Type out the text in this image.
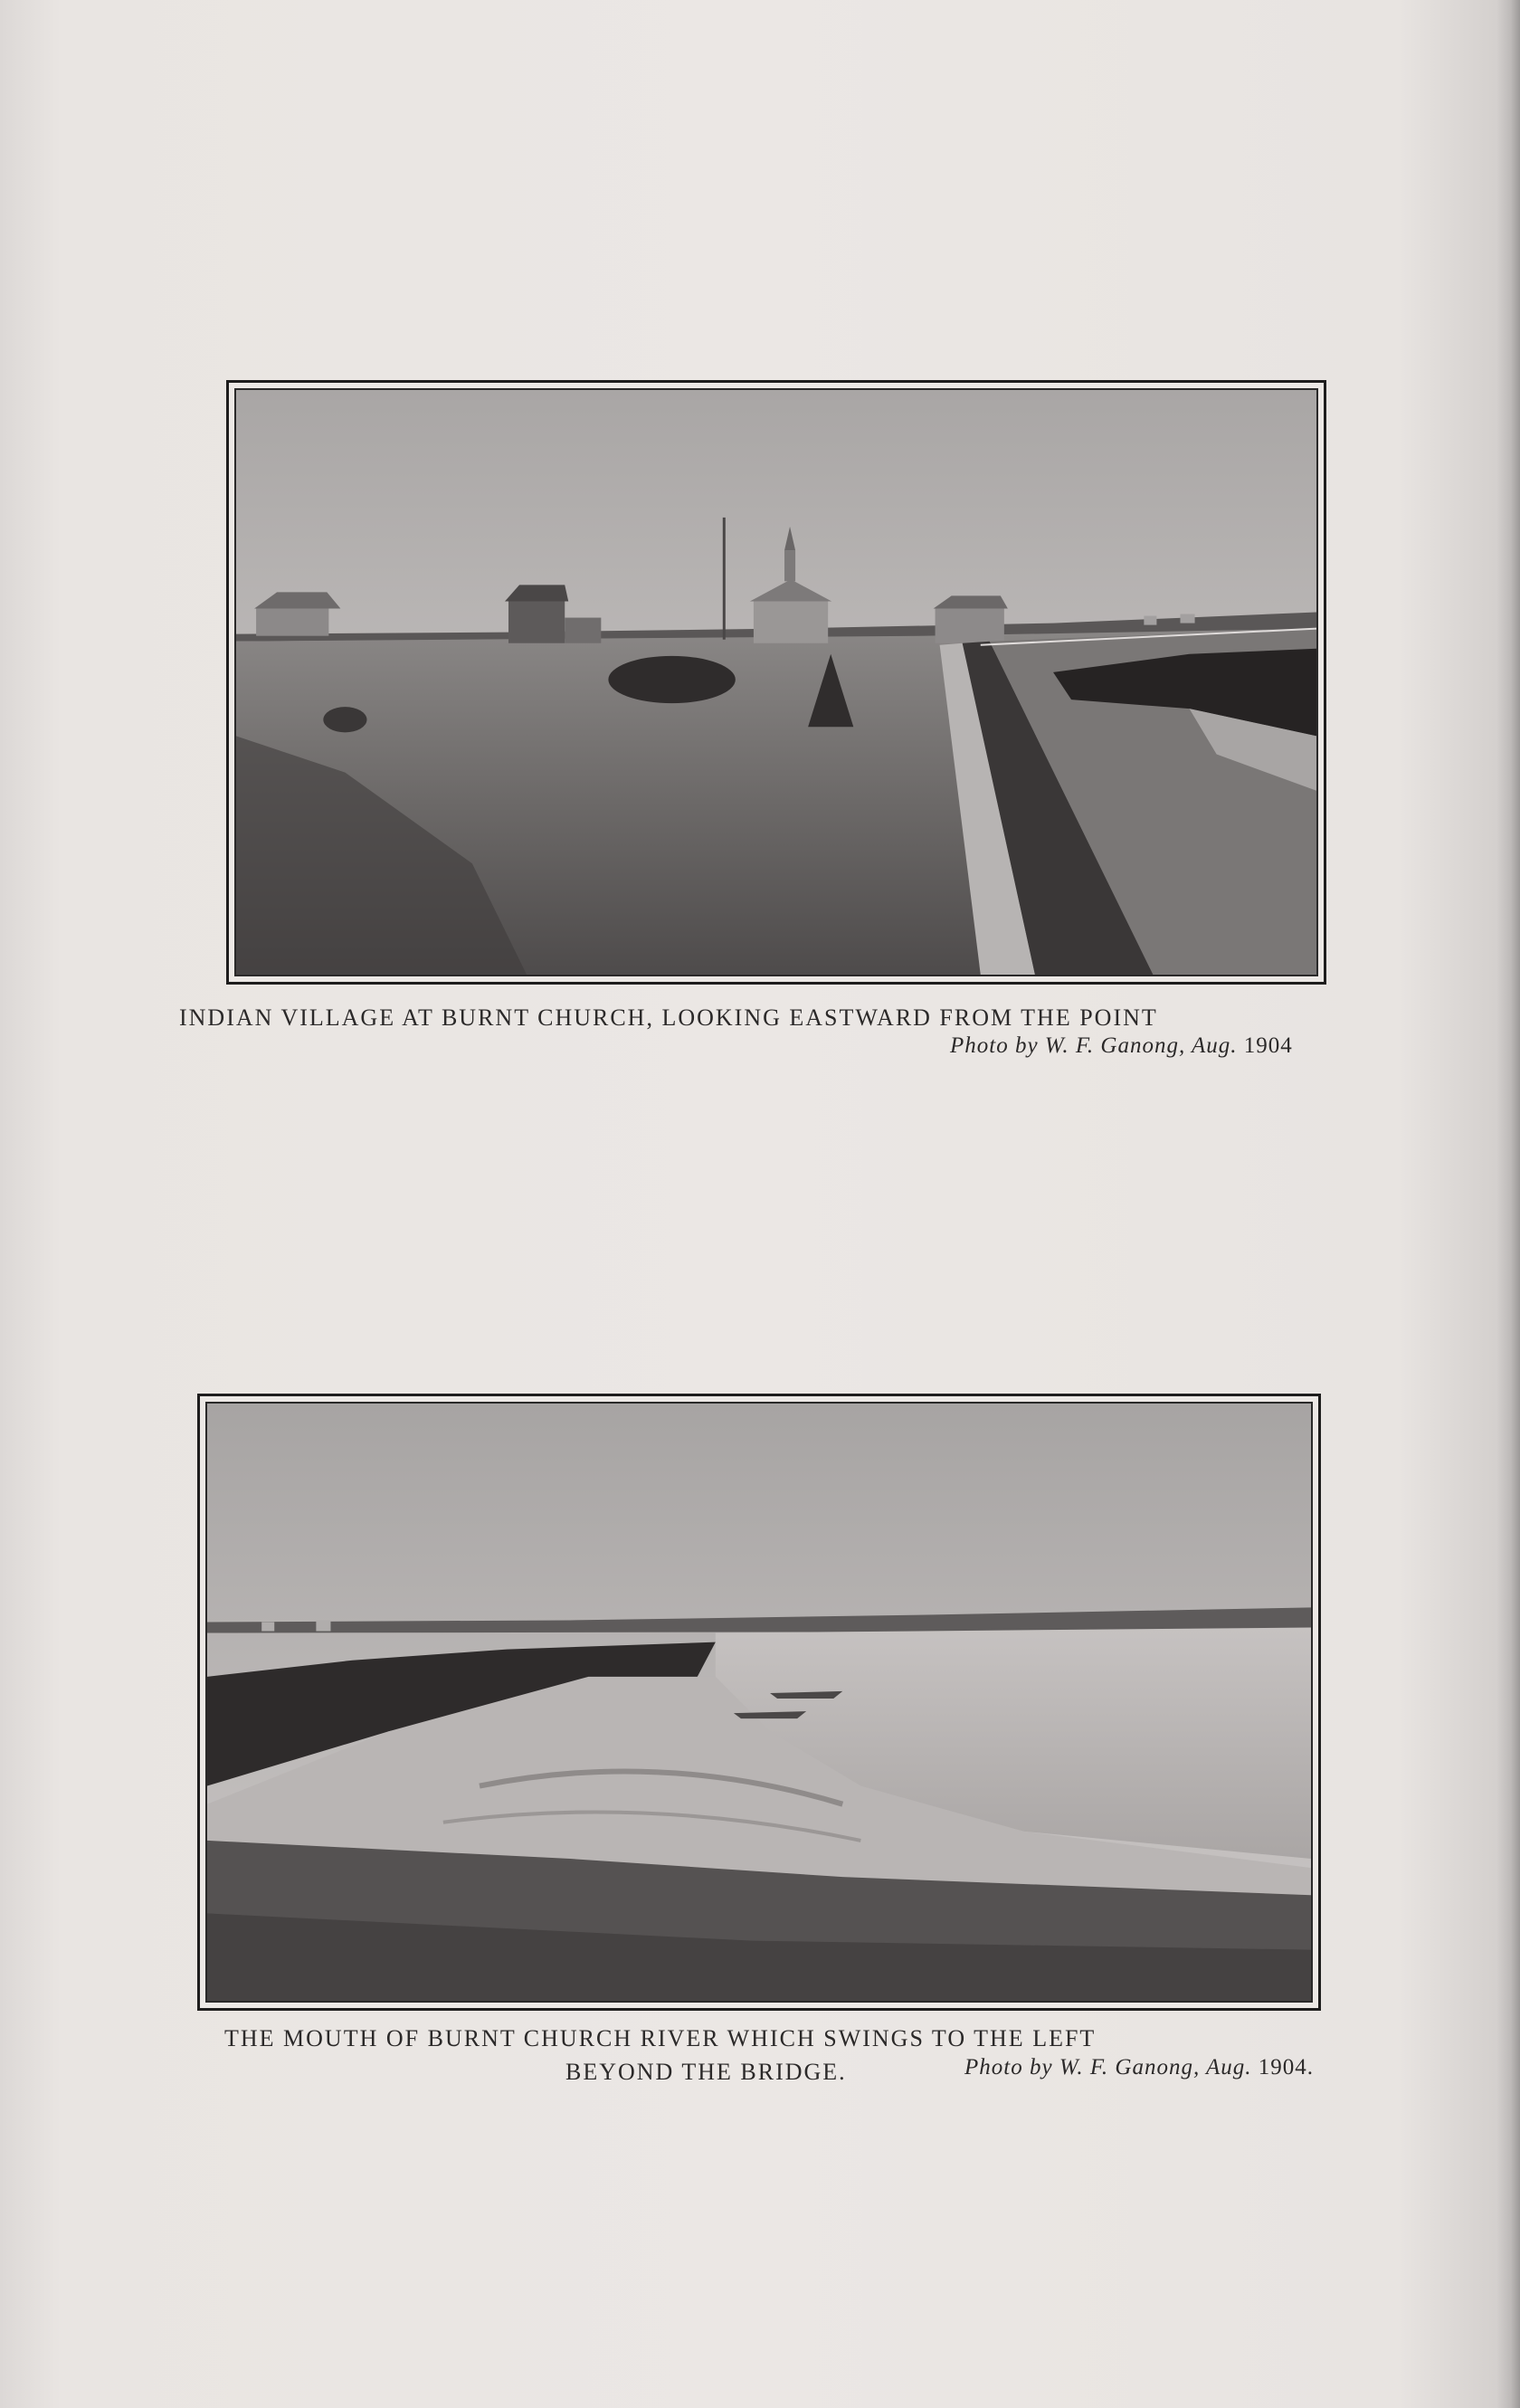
INDIAN VILLAGE AT BURNT CHURCH, LOOKING EASTWARD FROM THE POINT
Photo by W. F. Ganong, Aug. 1904
THE MOUTH OF BURNT CHURCH RIVER WHICH SWINGS TO THE LEFT
BEYOND THE BRIDGE.	Photo by W. F. Ganong, Aug. 1904.
